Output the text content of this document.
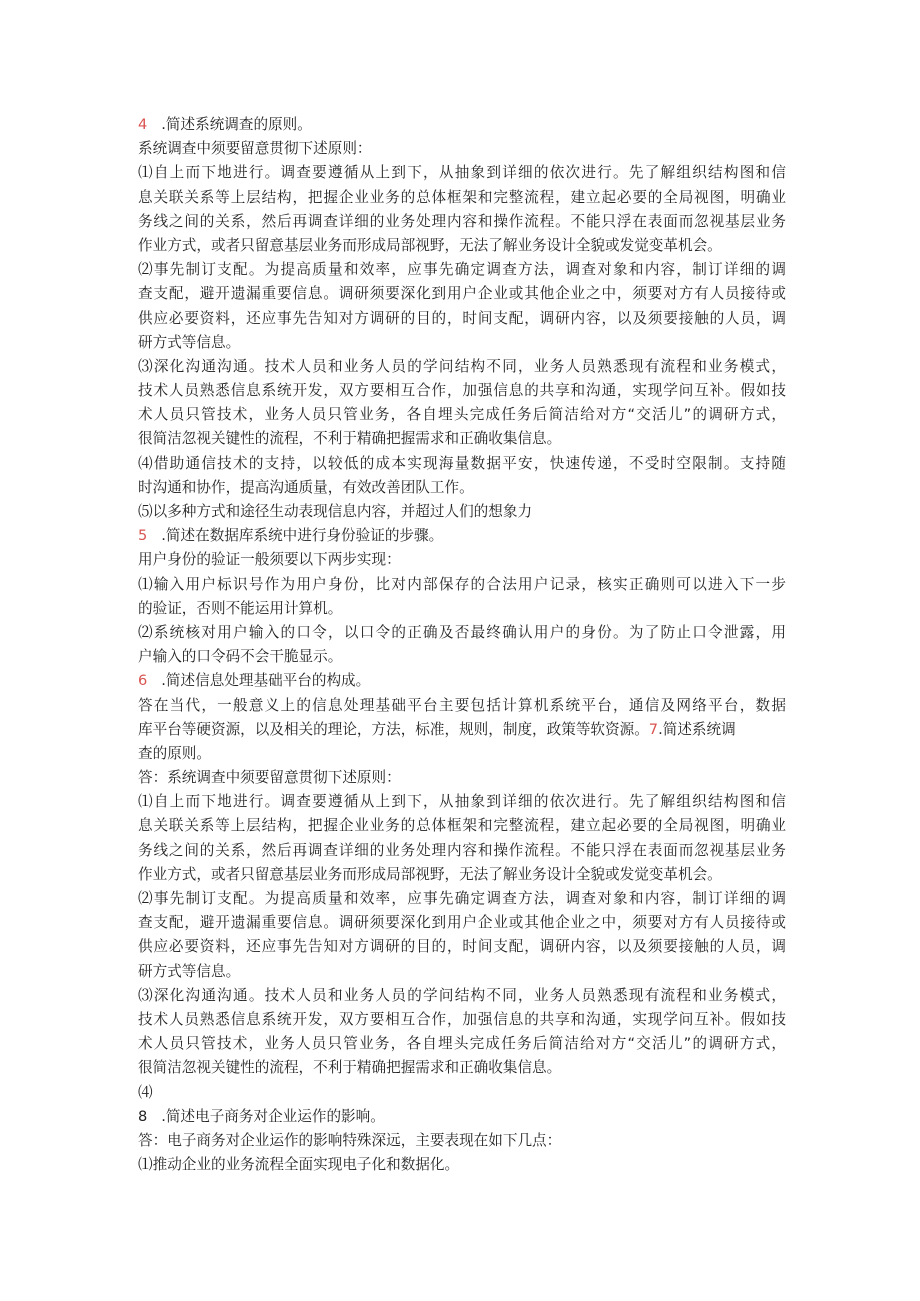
4 .简述系统调查的原则。
系统调查中须要留意贯彻下述原则：
⑴自上而下地进行。调查要遵循从上到下，从抽象到详细的依次进行。先了解组织结构图和信
息关联关系等上层结构，把握企业业务的总体框架和完整流程，建立起必要的全局视图，明确业
务线之间的关系，然后再调查详细的业务处理内容和操作流程。不能只浮在表面而忽视基层业务
作业方式，或者只留意基层业务而形成局部视野，无法了解业务设计全貌或发觉变革机会。
⑵事先制订支配。为提高质量和效率，应事先确定调查方法，调查对象和内容，制订详细的调
查支配，避开遗漏重要信息。调研须要深化到用户企业或其他企业之中，须要对方有人员接待或
供应必要资料，还应事先告知对方调研的目的，时间支配，调研内容，以及须要接触的人员，调
研方式等信息。
⑶深化沟通沟通。技术人员和业务人员的学问结构不同，业务人员熟悉现有流程和业务模式，
技术人员熟悉信息系统开发，双方要相互合作，加强信息的共享和沟通，实现学问互补。假如技
术人员只管技术，业务人员只管业务，各自埋头完成任务后简洁给对方“交活儿”的调研方式，
很简洁忽视关键性的流程，不利于精确把握需求和正确收集信息。
⑷借助通信技术的支持，以较低的成本实现海量数据平安，快速传递，不受时空限制。支持随
时沟通和协作，提高沟通质量，有效改善团队工作。
⑸以多种方式和途径生动表现信息内容，并超过人们的想象力
5 .简述在数据库系统中进行身份验证的步骤。
用户身份的验证一般须要以下两步实现：
⑴输入用户标识号作为用户身份，比对内部保存的合法用户记录，核实正确则可以进入下一步
的验证，否则不能运用计算机。
⑵系统核对用户输入的口令，以口令的正确及否最终确认用户的身份。为了防止口令泄露，用
户输入的口令码不会干脆显示。
6 .简述信息处理基础平台的构成。
答在当代，一般意义上的信息处理基础平台主要包括计算机系统平台，通信及网络平台，数据
库平台等硬资源，以及相关的理论，方法，标准，规则，制度，政策等软资源。7.简述系统调
查的原则。
答：系统调查中须要留意贯彻下述原则：
⑴自上而下地进行。调查要遵循从上到下，从抽象到详细的依次进行。先了解组织结构图和信
息关联关系等上层结构，把握企业业务的总体框架和完整流程，建立起必要的全局视图，明确业
务线之间的关系，然后再调查详细的业务处理内容和操作流程。不能只浮在表面而忽视基层业务
作业方式，或者只留意基层业务而形成局部视野，无法了解业务设计全貌或发觉变革机会。
⑵事先制订支配。为提高质量和效率，应事先确定调查方法，调查对象和内容，制订详细的调
查支配，避开遗漏重要信息。调研须要深化到用户企业或其他企业之中，须要对方有人员接待或
供应必要资料，还应事先告知对方调研的目的，时间支配，调研内容，以及须要接触的人员，调
研方式等信息。
⑶深化沟通沟通。技术人员和业务人员的学问结构不同，业务人员熟悉现有流程和业务模式，
技术人员熟悉信息系统开发，双方要相互合作，加强信息的共享和沟通，实现学问互补。假如技
术人员只管技术，业务人员只管业务，各自埋头完成任务后简洁给对方“交活儿”的调研方式，
很简洁忽视关键性的流程，不利于精确把握需求和正确收集信息。
⑷
8 .简述电子商务对企业运作的影响。
答：电子商务对企业运作的影响特殊深远，主要表现在如下几点：
⑴推动企业的业务流程全面实现电子化和数据化。
